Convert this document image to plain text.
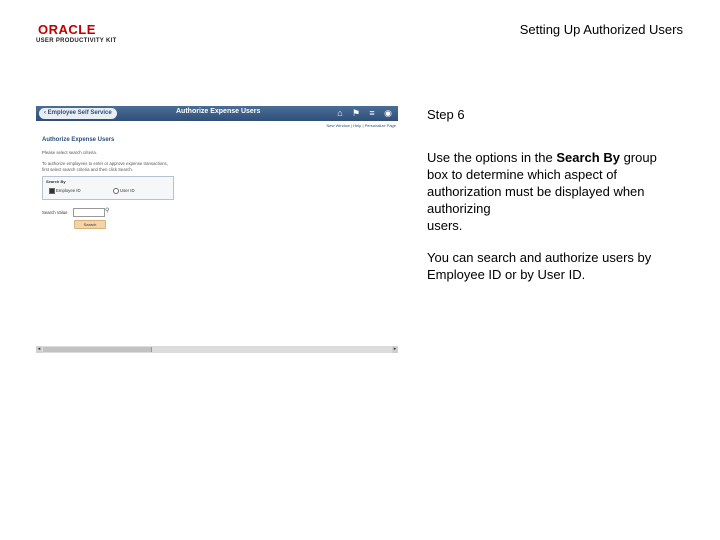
ORACLE
USER PRODUCTIVITY KIT
Setting Up Authorized Users
‹ Employee Self Service	Authorize Expense Users	⌂ ⚑ ≡ ◉
New Window | Help | Personalize Page
Authorize Expense Users
Please select search criteria.
To authorize employees to enter or approve expense transactions,
first select search criteria and then click Search.
Search By
Employee ID	User ID
Search Value	⚲
Search
◂	▸
Step 6
Use the options in the Search By group
box to determine which aspect of
authorization must be displayed when
authorizing
users.
You can search and authorize users by
Employee ID or by User ID.
